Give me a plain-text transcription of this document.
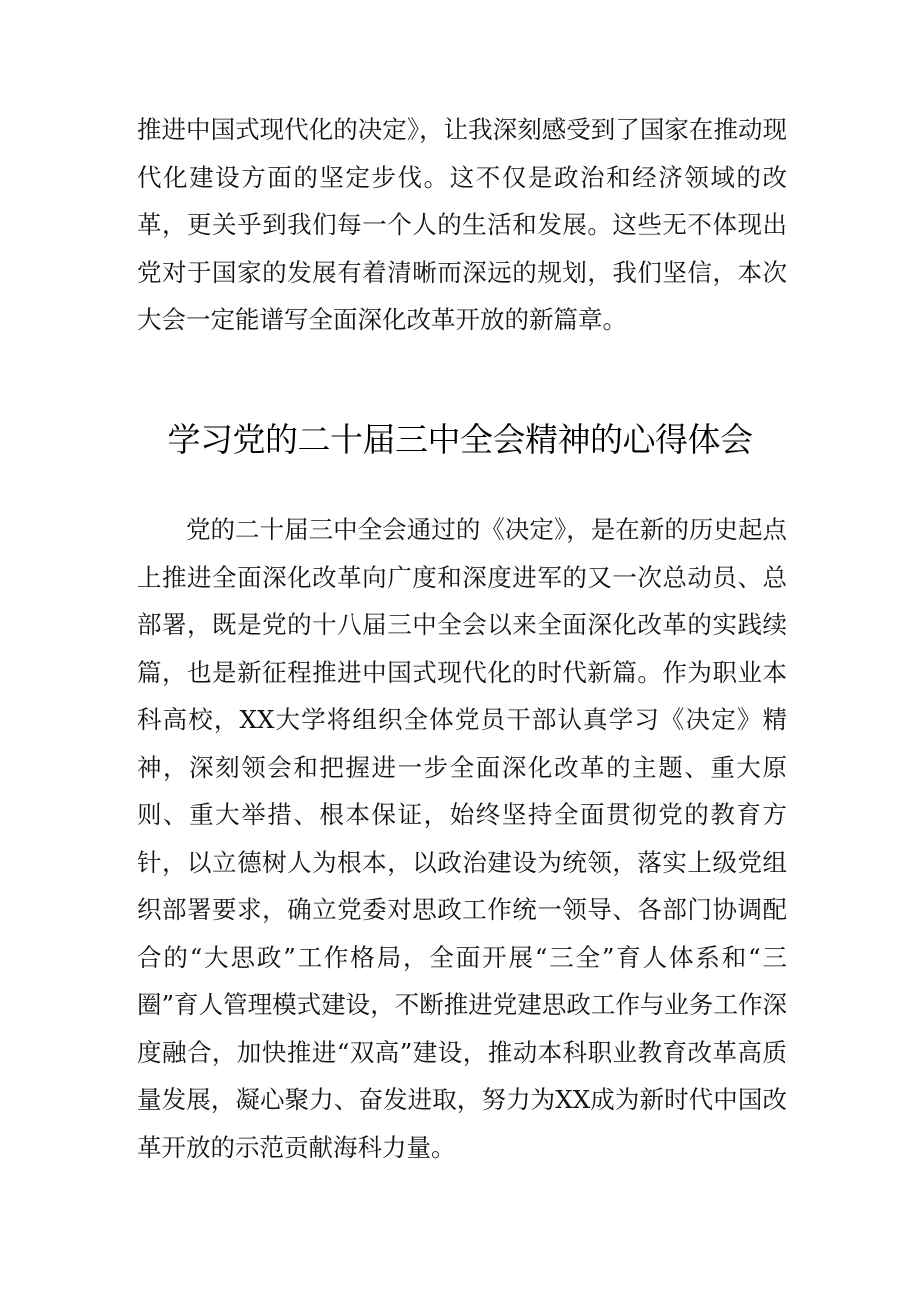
推进中国式现代化的决定》，让我深刻感受到了国家在推动现代化建设方面的坚定步伐。这不仅是政治和经济领域的改革，更关乎到我们每一个人的生活和发展。这些无不体现出党对于国家的发展有着清晰而深远的规划，我们坚信，本次大会一定能谱写全面深化改革开放的新篇章。

学习党的二十届三中全会精神的心得体会

党的二十届三中全会通过的《决定》，是在新的历史起点上推进全面深化改革向广度和深度进军的又一次总动员、总部署，既是党的十八届三中全会以来全面深化改革的实践续篇，也是新征程推进中国式现代化的时代新篇。作为职业本科高校，XX大学将组织全体党员干部认真学习《决定》精神，深刻领会和把握进一步全面深化改革的主题、重大原则、重大举措、根本保证，始终坚持全面贯彻党的教育方针，以立德树人为根本，以政治建设为统领，落实上级党组织部署要求，确立党委对思政工作统一领导、各部门协调配合的“大思政”工作格局，全面开展“三全”育人体系和“三圈”育人管理模式建设，不断推进党建思政工作与业务工作深度融合，加快推进“双高”建设，推动本科职业教育改革高质量发展，凝心聚力、奋发进取，努力为XX成为新时代中国改革开放的示范贡献海科力量。
